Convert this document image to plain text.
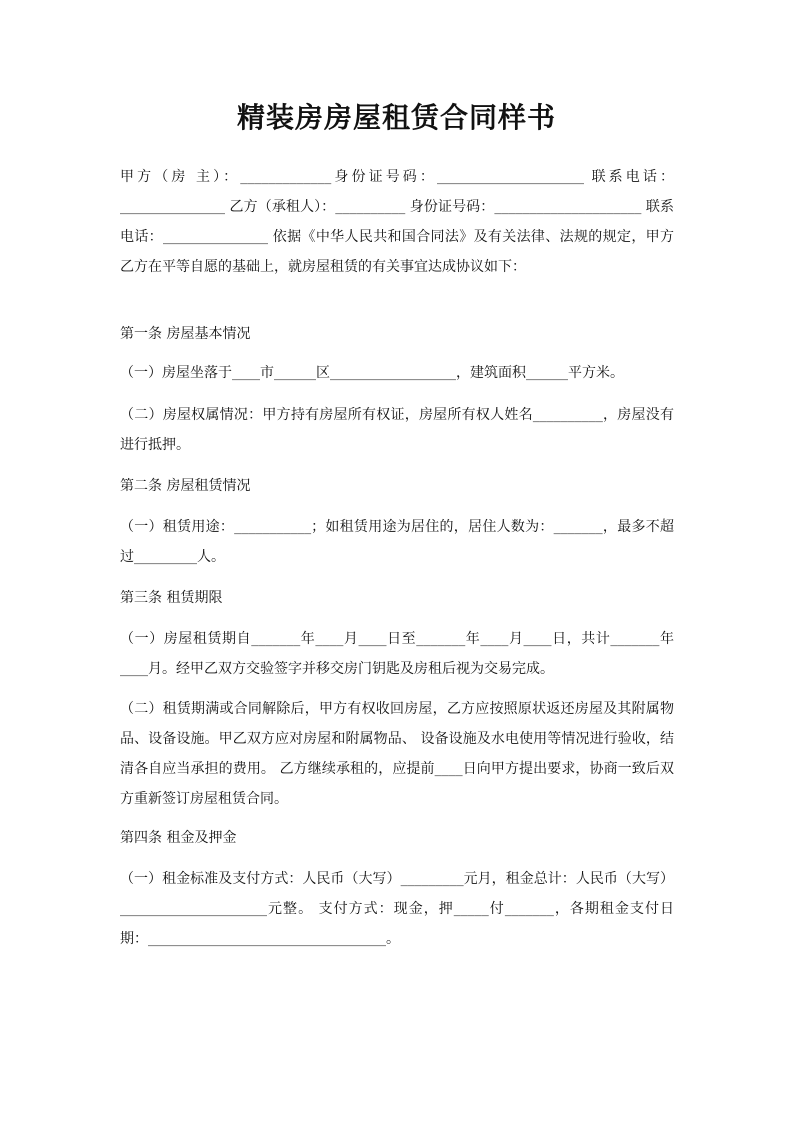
精装房房屋租赁合同样书
甲方（房 主）：_____________身份证号码：_____________________ 联系电话：_______________ 乙方（承租人）：__________ 身份证号码：_____________________ 联系电话：_______________ 依据《中华人民共和国合同法》及有关法律、法规的规定，甲方乙方在平等自愿的基础上，就房屋租赁的有关事宜达成协议如下：
第一条 房屋基本情况
（一）房屋坐落于____市______区__________________，建筑面积______平方米。
（二）房屋权属情况：甲方持有房屋所有权证，房屋所有权人姓名__________，房屋没有进行抵押。
第二条 房屋租赁情况
（一）租赁用途：___________；如租赁用途为居住的，居住人数为：_______，最多不超过_________人。
第三条 租赁期限
（一）房屋租赁期自_______年____月____日至_______年____月____日，共计_______年____月。经甲乙双方交验签字并移交房门钥匙及房租后视为交易完成。
（二）租赁期满或合同解除后，甲方有权收回房屋，乙方应按照原状返还房屋及其附属物品、设备设施。甲乙双方应对房屋和附属物品、 设备设施及水电使用等情况进行验收，结清各自应当承担的费用。 乙方继续承租的，应提前____日向甲方提出要求，协商一致后双方重新签订房屋租赁合同。
第四条 租金及押金
（一）租金标准及支付方式：人民币（大写）_________元月，租金总计：人民币（大写）_____________________元整。 支付方式：现金，押_____付_______，各期租金支付日期：__________________________________。
